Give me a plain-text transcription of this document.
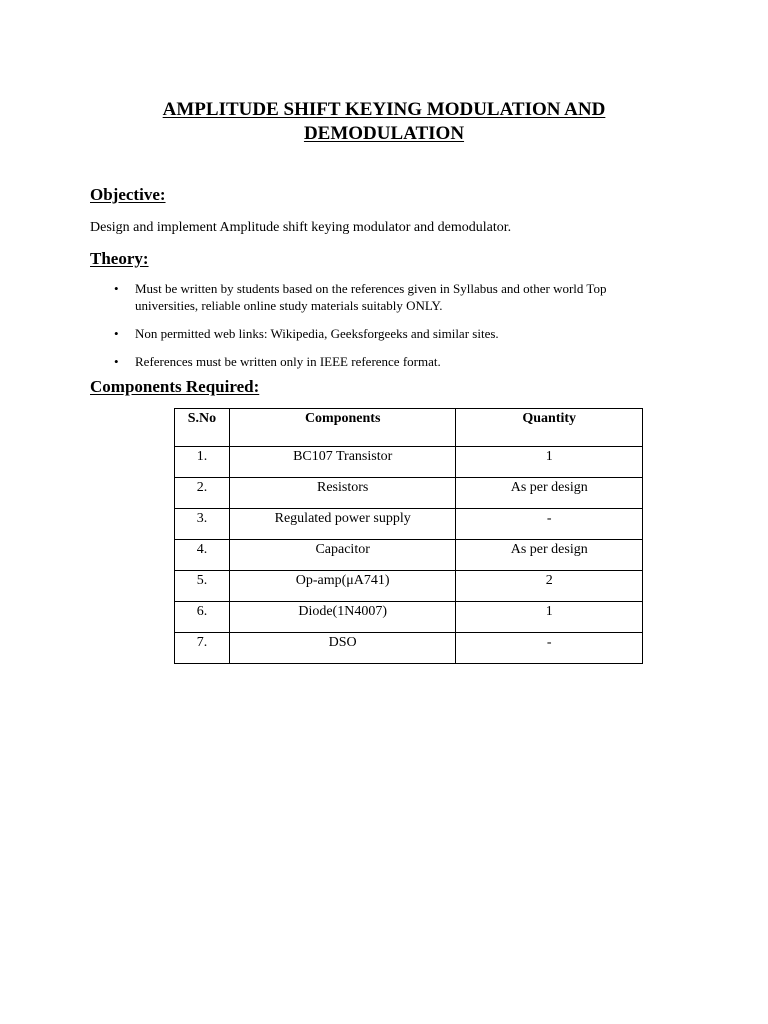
AMPLITUDE SHIFT KEYING MODULATION AND
DEMODULATION
Objective:
Design and implement Amplitude shift keying modulator and demodulator.
Theory:
• Must be written by students based on the references given in Syllabus and other world Top
universities, reliable online study materials suitably ONLY.
• Non permitted web links: Wikipedia, Geeksforgeeks and similar sites.
• References must be written only in IEEE reference format.
Components Required:
S.No	Components	Quantity
1.	BC107 Transistor	1
2.	Resistors	As per design
3.	Regulated power supply	-
4.	Capacitor	As per design
5.	Op-amp(μA741)	2
6.	Diode(1N4007)	1
7.	DSO	-
